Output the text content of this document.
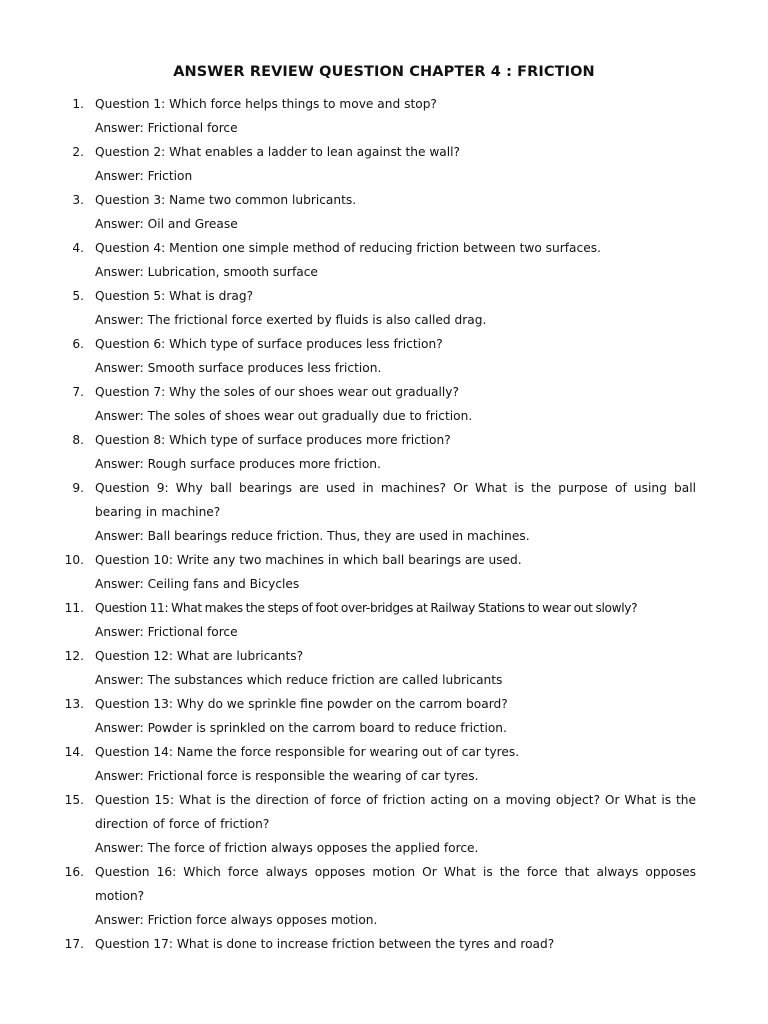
ANSWER REVIEW QUESTION CHAPTER 4 : FRICTION
1. Question 1: Which force helps things to move and stop?
Answer: Frictional force
2. Question 2: What enables a ladder to lean against the wall?
Answer: Friction
3. Question 3: Name two common lubricants.
Answer: Oil and Grease
4. Question 4: Mention one simple method of reducing friction between two surfaces.
Answer: Lubrication, smooth surface
5. Question 5: What is drag?
Answer: The frictional force exerted by fluids is also called drag.
6. Question 6: Which type of surface produces less friction?
Answer: Smooth surface produces less friction.
7. Question 7: Why the soles of our shoes wear out gradually?
Answer: The soles of shoes wear out gradually due to friction.
8. Question 8: Which type of surface produces more friction?
Answer: Rough surface produces more friction.
9. Question 9: Why ball bearings are used in machines? Or What is the purpose of using ball bearing in machine?
Answer: Ball bearings reduce friction. Thus, they are used in machines.
10. Question 10: Write any two machines in which ball bearings are used.
Answer: Ceiling fans and Bicycles
11. Question 11: What makes the steps of foot over-bridges at Railway Stations to wear out slowly?
Answer: Frictional force
12. Question 12: What are lubricants?
Answer: The substances which reduce friction are called lubricants
13. Question 13: Why do we sprinkle fine powder on the carrom board?
Answer: Powder is sprinkled on the carrom board to reduce friction.
14. Question 14: Name the force responsible for wearing out of car tyres.
Answer: Frictional force is responsible the wearing of car tyres.
15. Question 15: What is the direction of force of friction acting on a moving object? Or What is the direction of force of friction?
Answer: The force of friction always opposes the applied force.
16. Question 16: Which force always opposes motion Or What is the force that always opposes motion?
Answer: Friction force always opposes motion.
17. Question 17: What is done to increase friction between the tyres and road?
